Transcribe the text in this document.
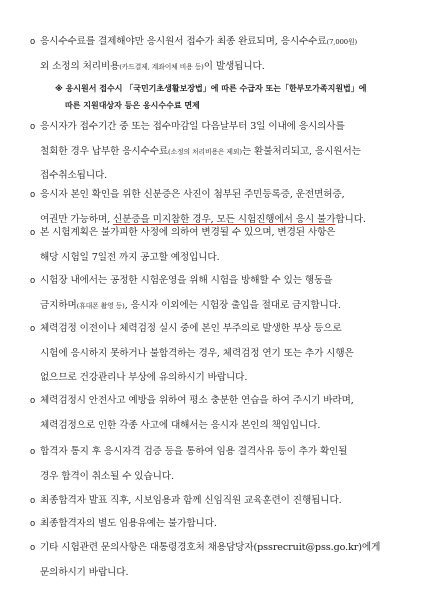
o 응시수수료를 결제해야만 응시원서 접수가 최종 완료되며, 응시수수료(7,000원)
외 소정의 처리비용(카드결제, 계좌이체 비용 등)이 발생됩니다.
o 응시자가 접수기간 중 또는 접수마감일 다음날부터 3일 이내에 응시의사를
철회한 경우 납부한 응시수수료(소정의 처리비용은 제외)는 환불처리되고, 응시원서는
접수취소됩니다.
o 응시자 본인 확인을 위한 신분증은 사진이 첨부된 주민등록증, 운전면허증,
여권만 가능하며, 신분증을 미지참한 경우, 모든 시험진행에서 응시 불가합니다.
o 본 시험계획은 불가피한 사정에 의하여 변경될 수 있으며, 변경된 사항은
해당 시험일 7일전 까지 공고할 예정입니다.
o 시험장 내에서는 공정한 시험운영을 위해 시험을 방해할 수 있는 행동을
금지하며(휴대폰 촬영 등), 응시자 이외에는 시험장 출입을 절대로 금지합니다.
o 체력검정 이전이나 체력검정 실시 중에 본인 부주의로 발생한 부상 등으로
시험에 응시하지 못하거나 불합격하는 경우, 체력검정 연기 또는 추가 시행은
없으므로 건강관리나 부상에 유의하시기 바랍니다.
o 체력검정시 안전사고 예방을 위하여 평소 충분한 연습을 하여 주시기 바라며,
체력검정으로 인한 각종 사고에 대해서는 응시자 본인의 책임입니다.
o 합격자 통지 후 응시자격 검증 등을 통하여 임용 결격사유 등이 추가 확인될
경우 합격이 취소될 수 있습니다.
o 최종합격자 발표 직후, 시보임용과 함께 신임직원 교육훈련이 진행됩니다.
o 최종합격자의 별도 임용유예는 불가합니다.
o 기타 시험관련 문의사항은 대통령경호처 채용담당자(pssrecruit@pss.go.kr)에게
문의하시기 바랍니다.
※ 응시원서 접수시 「국민기초생활보장법」에 따른 수급자 또는「한부모가족지원법」에
따른 지원대상자 등은 응시수수료 면제
